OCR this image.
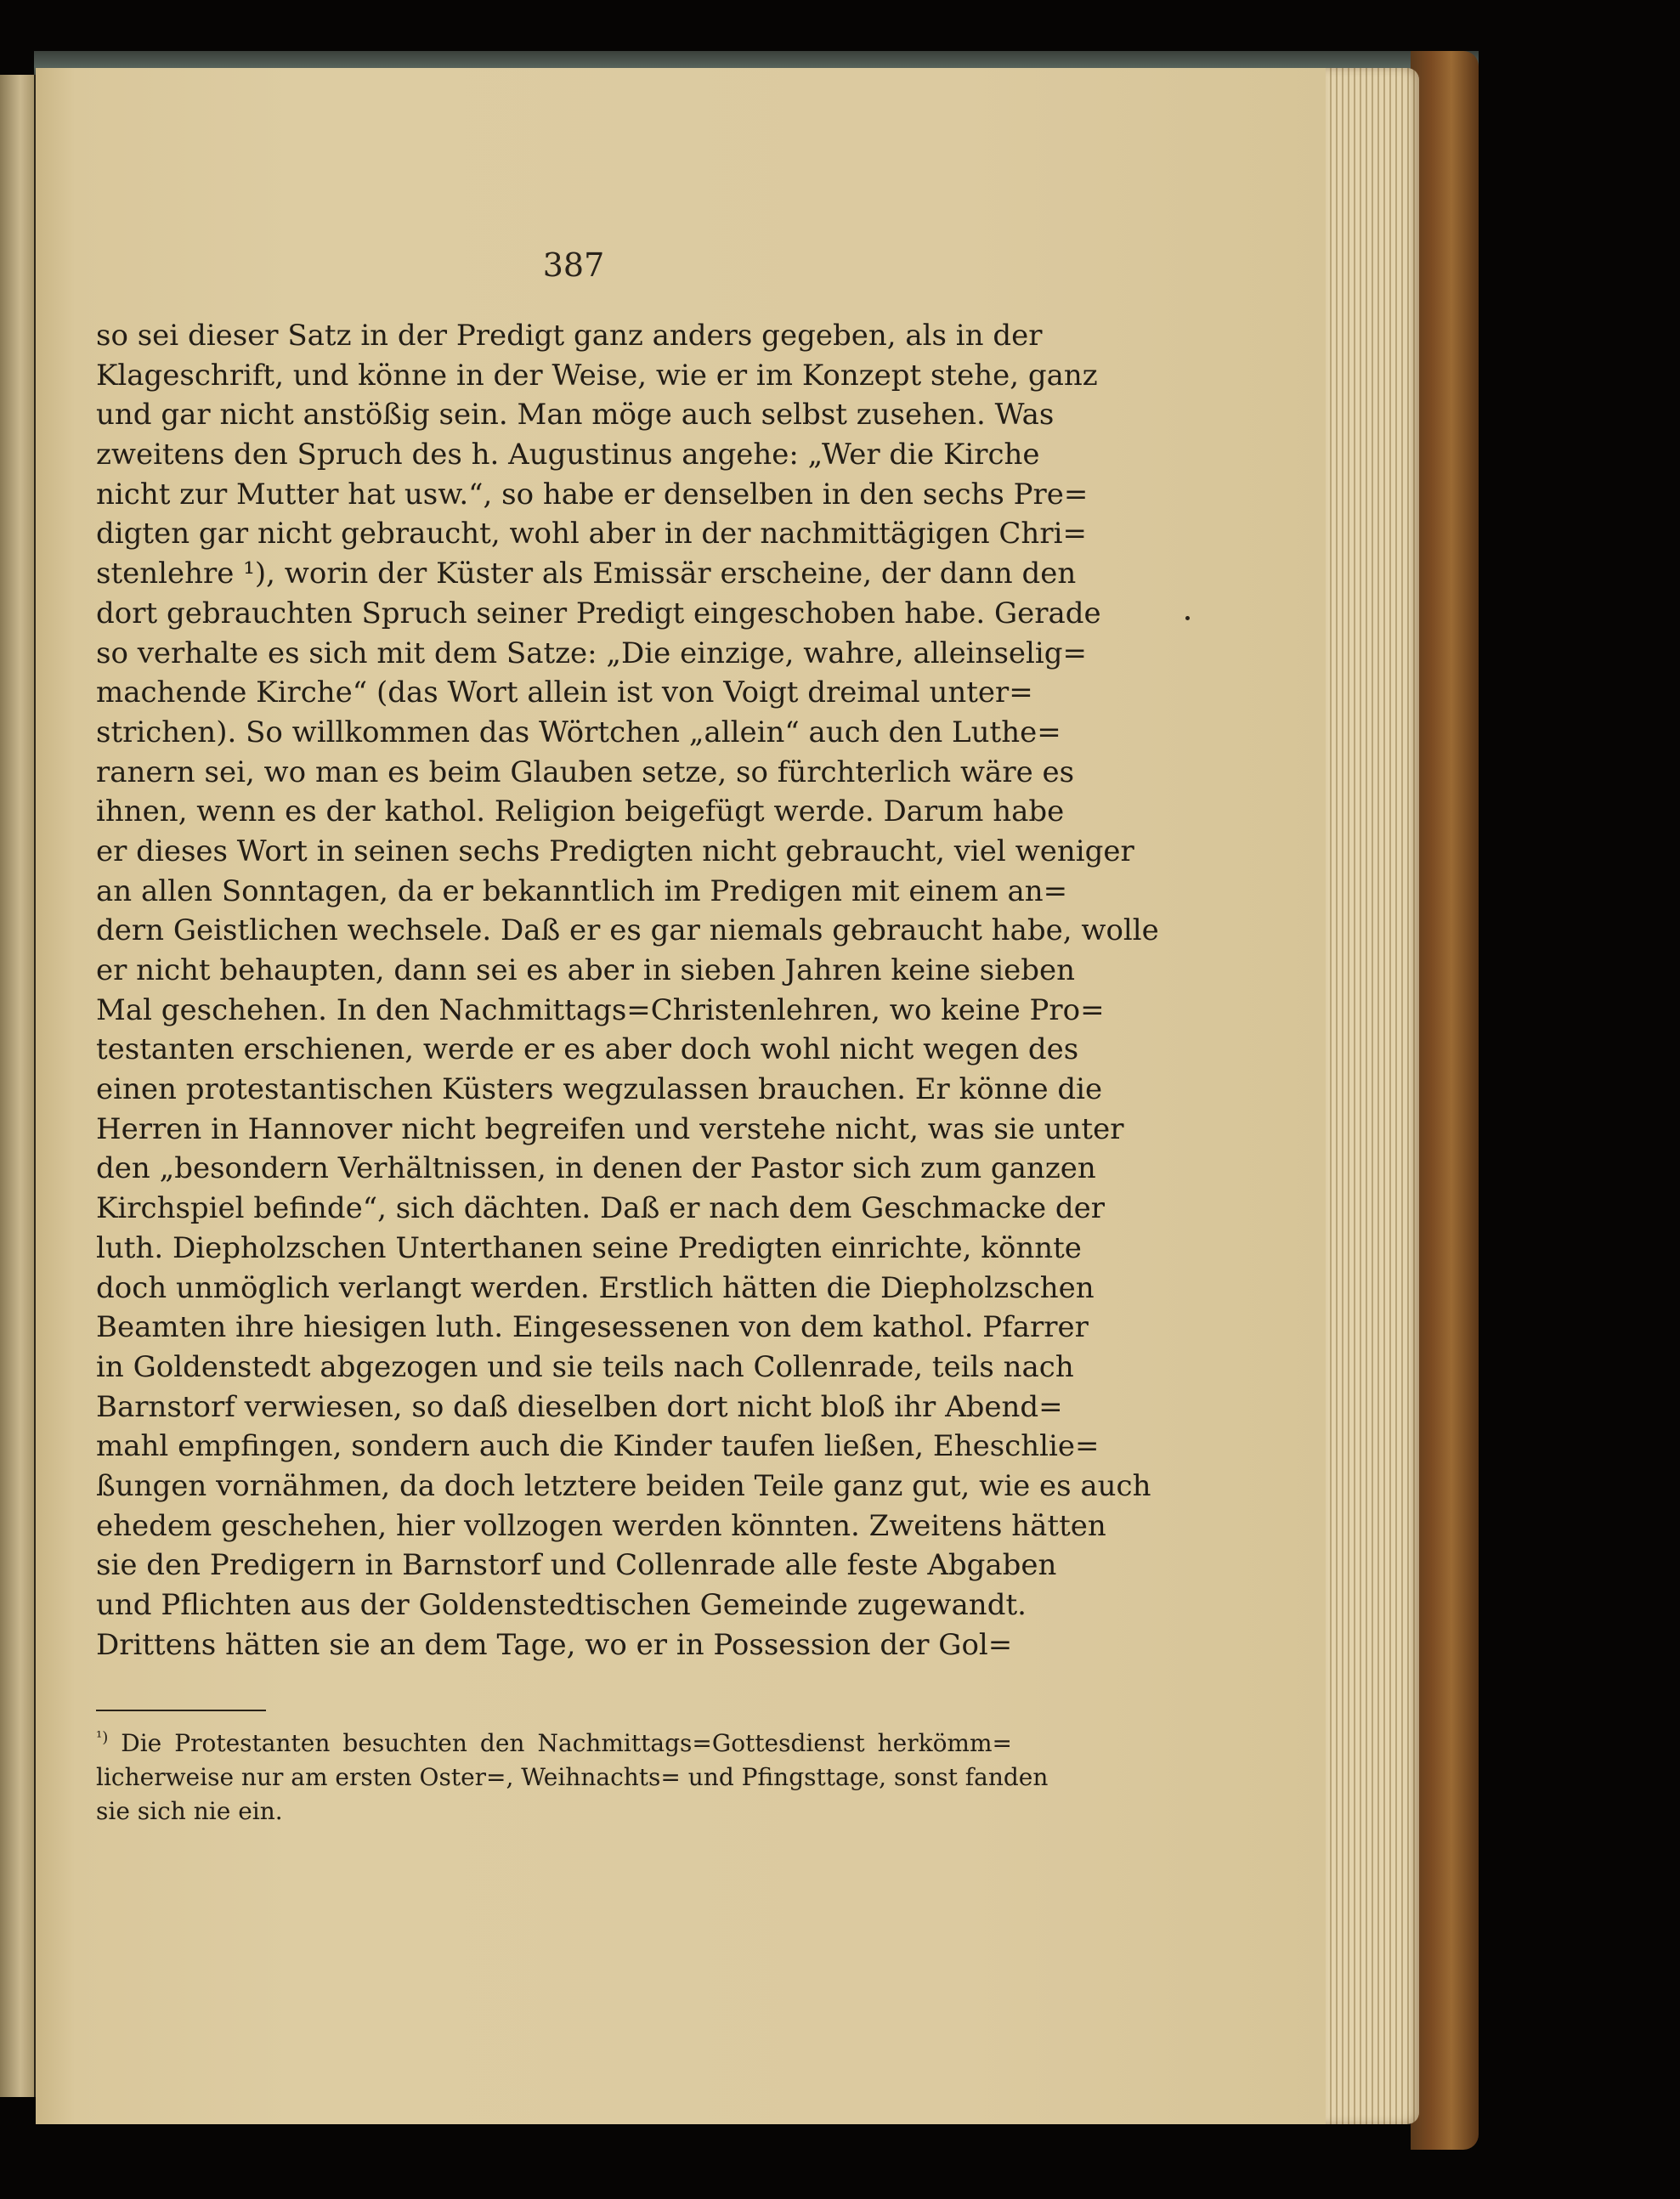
387
so sei dieser Satz in der Predigt ganz anders gegeben, als in der
Klageschrift, und könne in der Weise, wie er im Konzept stehe, ganz
und gar nicht anstößig sein. Man möge auch selbst zusehen. Was
zweitens den Spruch des h. Augustinus angehe: „Wer die Kirche
nicht zur Mutter hat usw.“, so habe er denselben in den sechs Pre=
digten gar nicht gebraucht, wohl aber in der nachmittägigen Chri=
stenlehre ¹), worin der Küster als Emissär erscheine, der dann den
dort gebrauchten Spruch seiner Predigt eingeschoben habe. Gerade
so verhalte es sich mit dem Satze: „Die einzige, wahre, alleinselig=
machende Kirche“ (das Wort allein ist von Voigt dreimal unter=
strichen). So willkommen das Wörtchen „allein“ auch den Luthe=
ranern sei, wo man es beim Glauben setze, so fürchterlich wäre es
ihnen, wenn es der kathol. Religion beigefügt werde. Darum habe
er dieses Wort in seinen sechs Predigten nicht gebraucht, viel weniger
an allen Sonntagen, da er bekanntlich im Predigen mit einem an=
dern Geistlichen wechsele. Daß er es gar niemals gebraucht habe, wolle
er nicht behaupten, dann sei es aber in sieben Jahren keine sieben
Mal geschehen. In den Nachmittags=Christenlehren, wo keine Pro=
testanten erschienen, werde er es aber doch wohl nicht wegen des
einen protestantischen Küsters wegzulassen brauchen. Er könne die
Herren in Hannover nicht begreifen und verstehe nicht, was sie unter
den „besondern Verhältnissen, in denen der Pastor sich zum ganzen
Kirchspiel befinde“, sich dächten. Daß er nach dem Geschmacke der
luth. Diepholzschen Unterthanen seine Predigten einrichte, könnte
doch unmöglich verlangt werden. Erstlich hätten die Diepholzschen
Beamten ihre hiesigen luth. Eingesessenen von dem kathol. Pfarrer
in Goldenstedt abgezogen und sie teils nach Collenrade, teils nach
Barnstorf verwiesen, so daß dieselben dort nicht bloß ihr Abend=
mahl empfingen, sondern auch die Kinder taufen ließen, Eheschlie=
ßungen vornähmen, da doch letztere beiden Teile ganz gut, wie es auch
ehedem geschehen, hier vollzogen werden könnten. Zweitens hätten
sie den Predigern in Barnstorf und Collenrade alle feste Abgaben
und Pflichten aus der Goldenstedtischen Gemeinde zugewandt.
Drittens hätten sie an dem Tage, wo er in Possession der Gol=
$^{^1)}$ Die Protestanten besuchten den Nachmittags=Gottesdienst herkömm=
licherweise nur am ersten Oster=, Weihnachts= und Pfingsttage, sonst fanden
sie sich nie ein.
